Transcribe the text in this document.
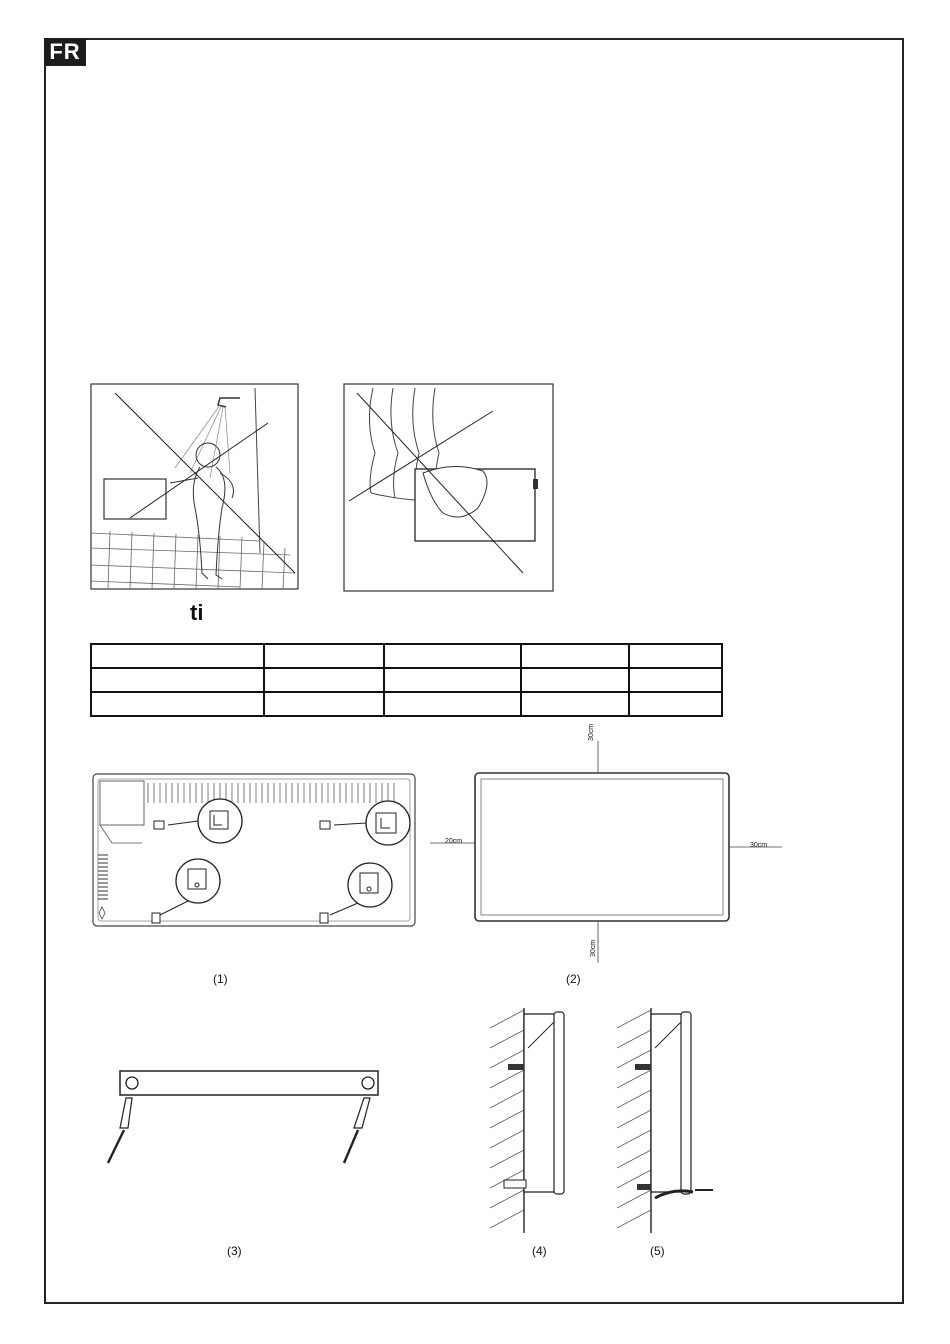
FR
ti

30cm
20cm
30cm
30cm
(1)	(2)
(3)	(4)	(5)
